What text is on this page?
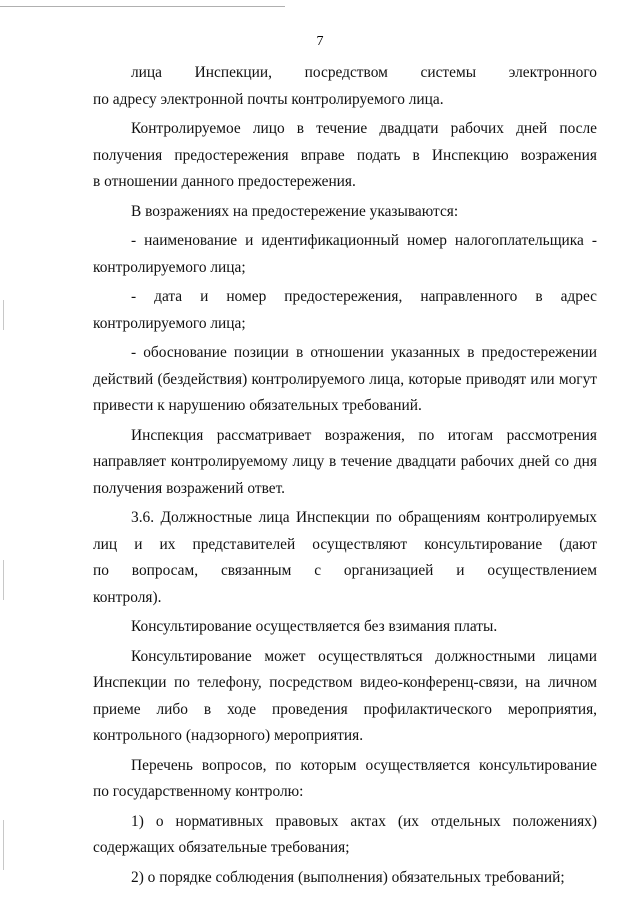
7
лица Инспекции, посредством системы электронного
по адресу электронной почты контролируемого лица.
Контролируемое лицо в течение двадцати рабочих дней после
получения предостережения вправе подать в Инспекцию возражения
в отношении данного предостережения.
В возражениях на предостережение указываются:
- наименование и идентификационный номер налогоплательщика -
контролируемого лица;
- дата и номер предостережения, направленного в адрес
контролируемого лица;
- обоснование позиции в отношении указанных в предостережении
действий (бездействия) контролируемого лица, которые приводят или могут
привести к нарушению обязательных требований.
Инспекция рассматривает возражения, по итогам рассмотрения
направляет контролируемому лицу в течение двадцати рабочих дней со дня
получения возражений ответ.
3.6. Должностные лица Инспекции по обращениям контролируемых
лиц и их представителей осуществляют консультирование (дают
по вопросам, связанным с организацией и осуществлением
контроля).
Консультирование осуществляется без взимания платы.
Консультирование может осуществляться должностными лицами
Инспекции по телефону, посредством видео-конференц-связи, на личном
приеме либо в ходе проведения профилактического мероприятия,
контрольного (надзорного) мероприятия.
Перечень вопросов, по которым осуществляется консультирование
по государственному контролю:
1) о нормативных правовых актах (их отдельных положениях)
содержащих обязательные требования;
2) о порядке соблюдения (выполнения) обязательных требований;
